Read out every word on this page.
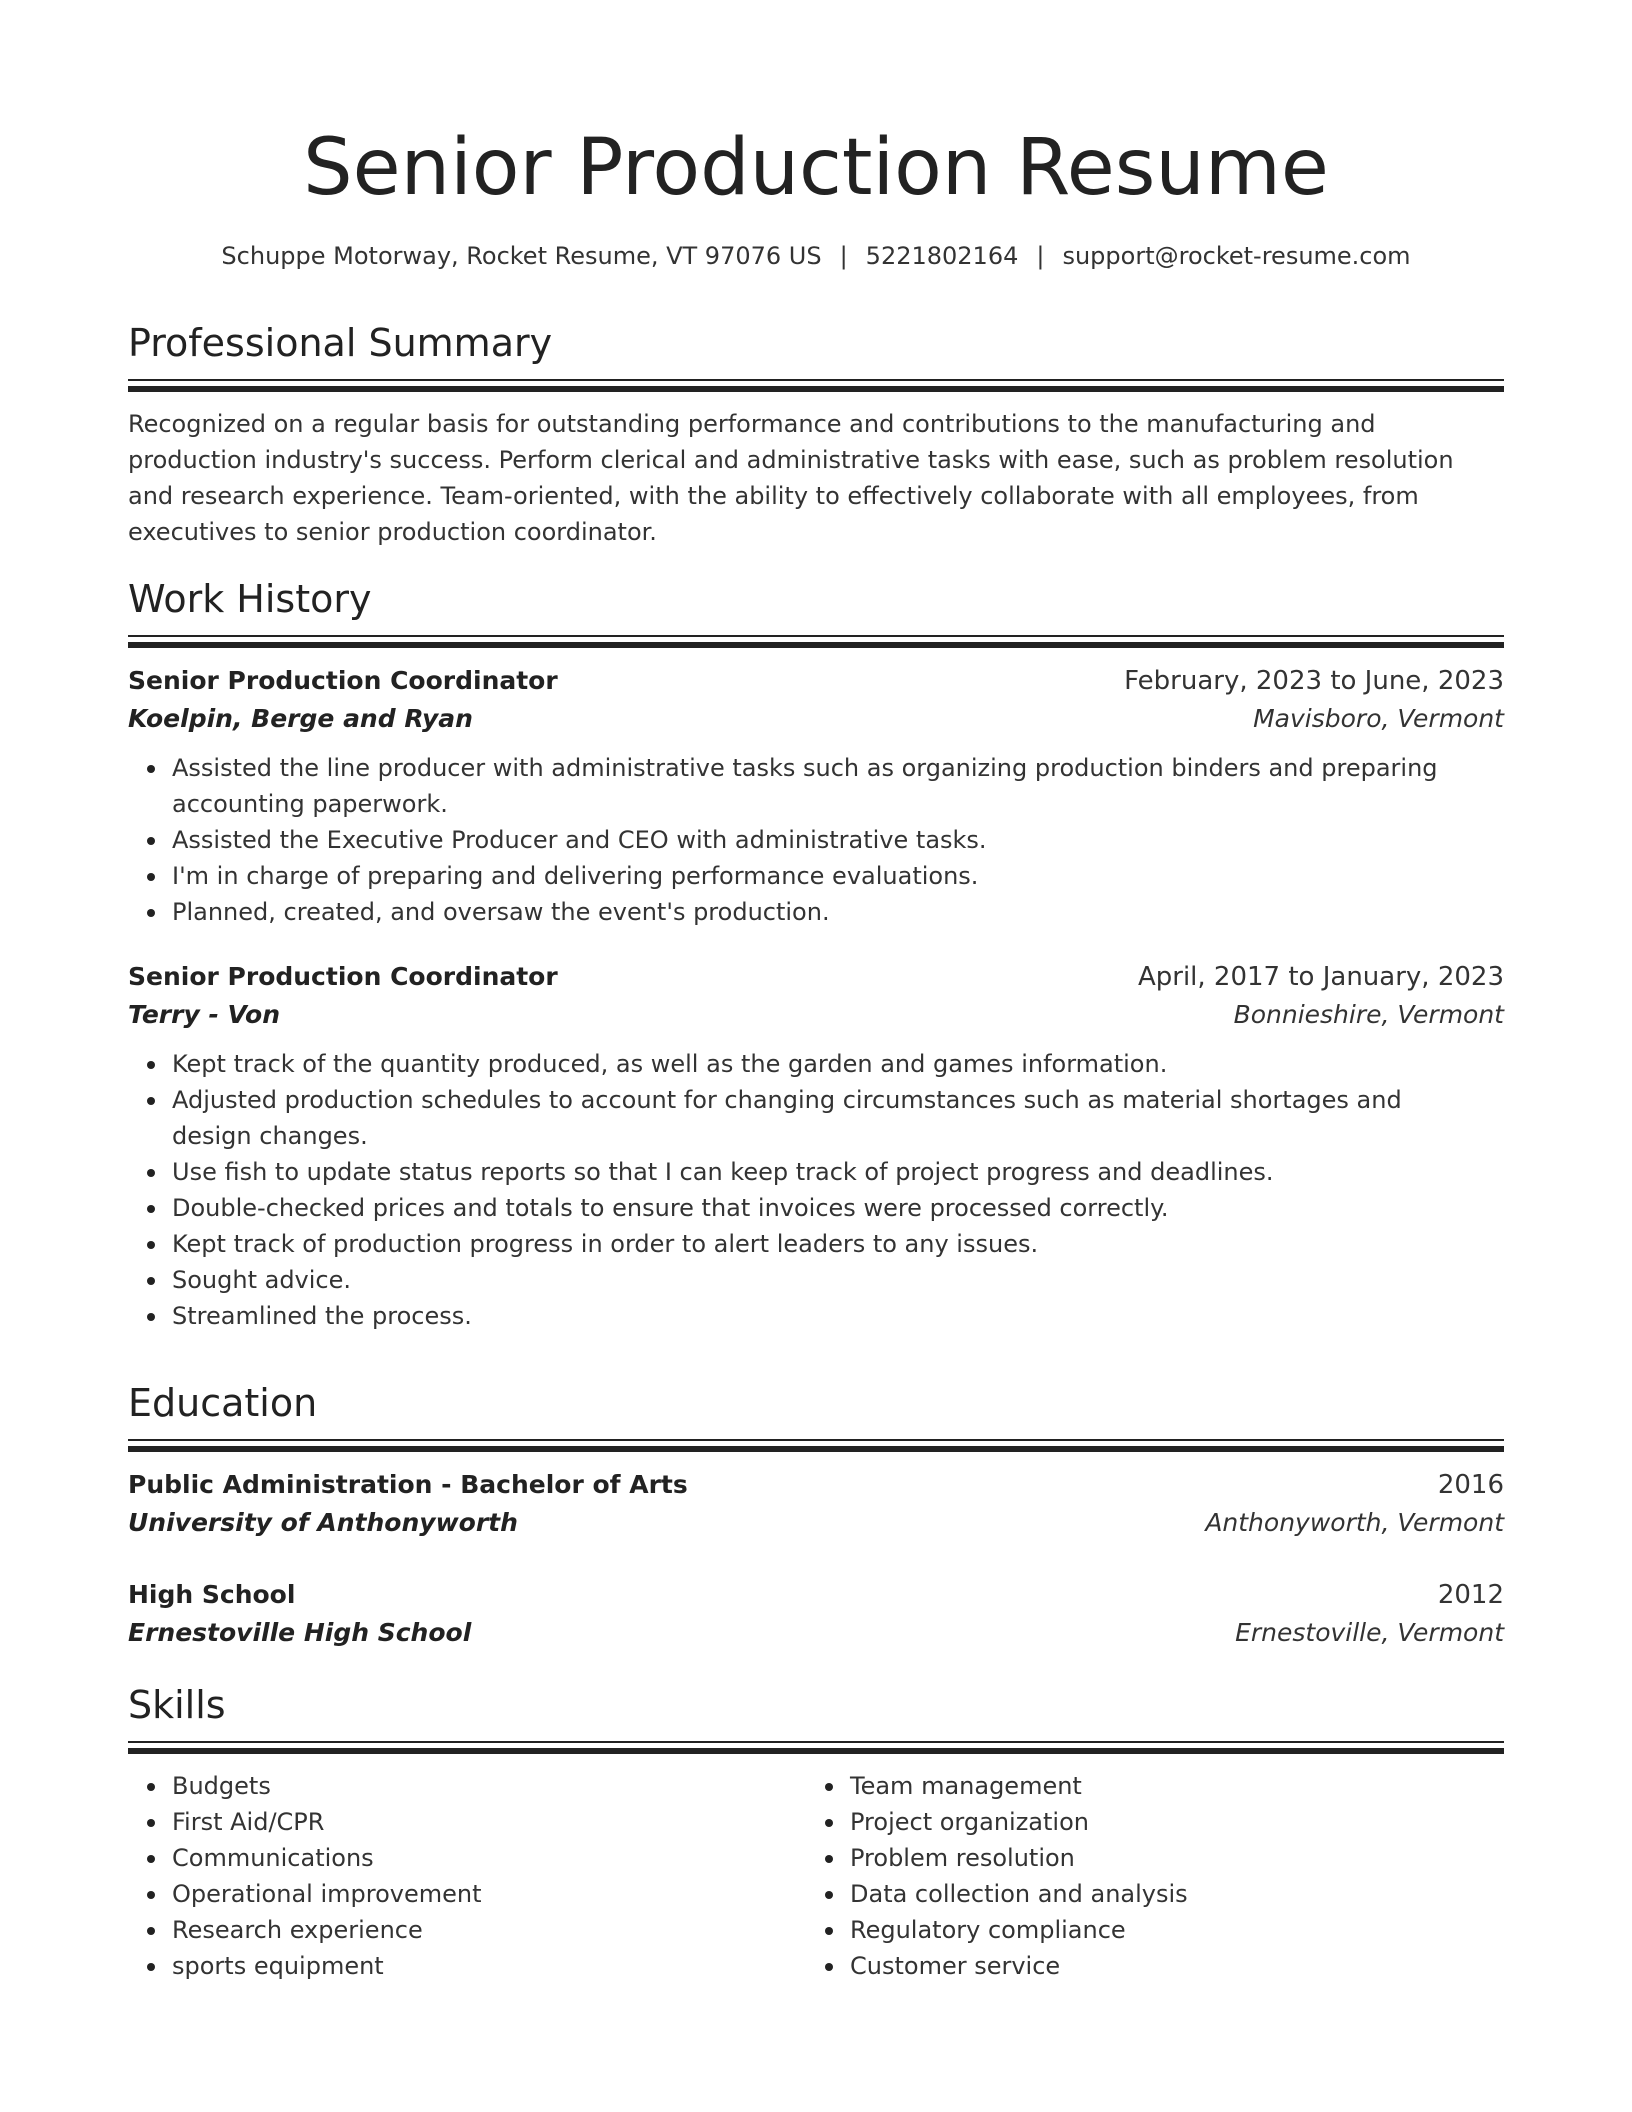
Senior Production Resume
Schuppe Motorway, Rocket Resume, VT 97076 US | 5221802164 | support@rocket-resume.com
Professional Summary
Recognized on a regular basis for outstanding performance and contributions to the manufacturing and production industry's success. Perform clerical and administrative tasks with ease, such as problem resolution and research experience. Team-oriented, with the ability to effectively collaborate with all employees, from executives to senior production coordinator.
Work History
Senior Production Coordinator	February, 2023 to June, 2023
Koelpin, Berge and Ryan	Mavisboro, Vermont
Assisted the line producer with administrative tasks such as organizing production binders and preparing accounting paperwork.
Assisted the Executive Producer and CEO with administrative tasks.
I'm in charge of preparing and delivering performance evaluations.
Planned, created, and oversaw the event's production.
Senior Production Coordinator	April, 2017 to January, 2023
Terry - Von	Bonnieshire, Vermont
Kept track of the quantity produced, as well as the garden and games information.
Adjusted production schedules to account for changing circumstances such as material shortages and design changes.
Use fish to update status reports so that I can keep track of project progress and deadlines.
Double-checked prices and totals to ensure that invoices were processed correctly.
Kept track of production progress in order to alert leaders to any issues.
Sought advice.
Streamlined the process.
Education
Public Administration - Bachelor of Arts	2016
University of Anthonyworth	Anthonyworth, Vermont
High School	2012
Ernestoville High School	Ernestoville, Vermont
Skills
Budgets
First Aid/CPR
Communications
Operational improvement
Research experience
sports equipment
Team management
Project organization
Problem resolution
Data collection and analysis
Regulatory compliance
Customer service
